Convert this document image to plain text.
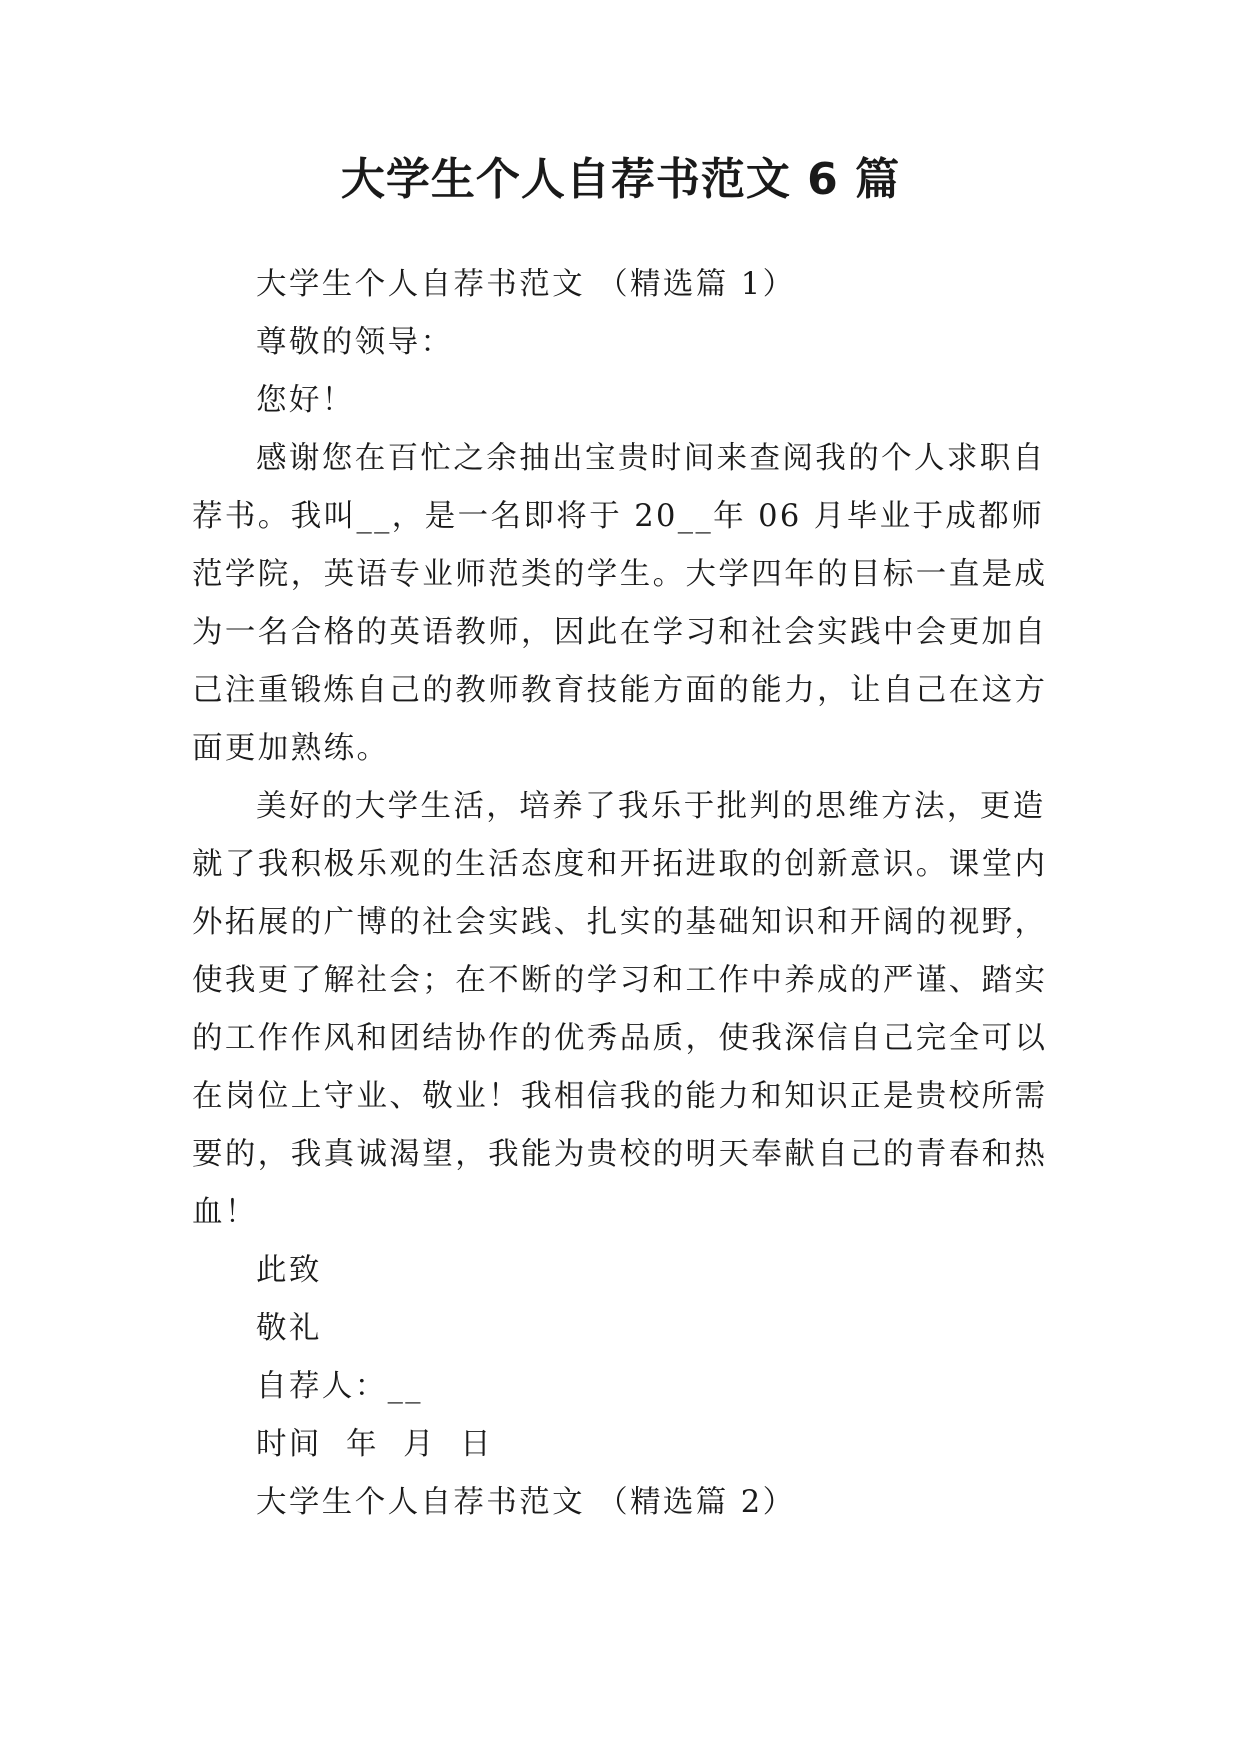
大学生个人自荐书范文 6 篇

大学生个人自荐书范文 （精选篇 1）

尊敬的领导：

您好！

感谢您在百忙之余抽出宝贵时间来查阅我的个人求职自荐书。我叫__，是一名即将于 20__年 06 月毕业于成都师范学院，英语专业师范类的学生。大学四年的目标一直是成为一名合格的英语教师，因此在学习和社会实践中会更加自己注重锻炼自己的教师教育技能方面的能力，让自己在这方面更加熟练。

美好的大学生活，培养了我乐于批判的思维方法，更造就了我积极乐观的生活态度和开拓进取的创新意识。课堂内外拓展的广博的社会实践、扎实的基础知识和开阔的视野，使我更了解社会；在不断的学习和工作中养成的严谨、踏实的工作作风和团结协作的优秀品质，使我深信自己完全可以在岗位上守业、敬业！我相信我的能力和知识正是贵校所需要的，我真诚渴望，我能为贵校的明天奉献自己的青春和热血！

此致

敬礼

自荐人：__

时间  年  月  日

大学生个人自荐书范文 （精选篇 2）
